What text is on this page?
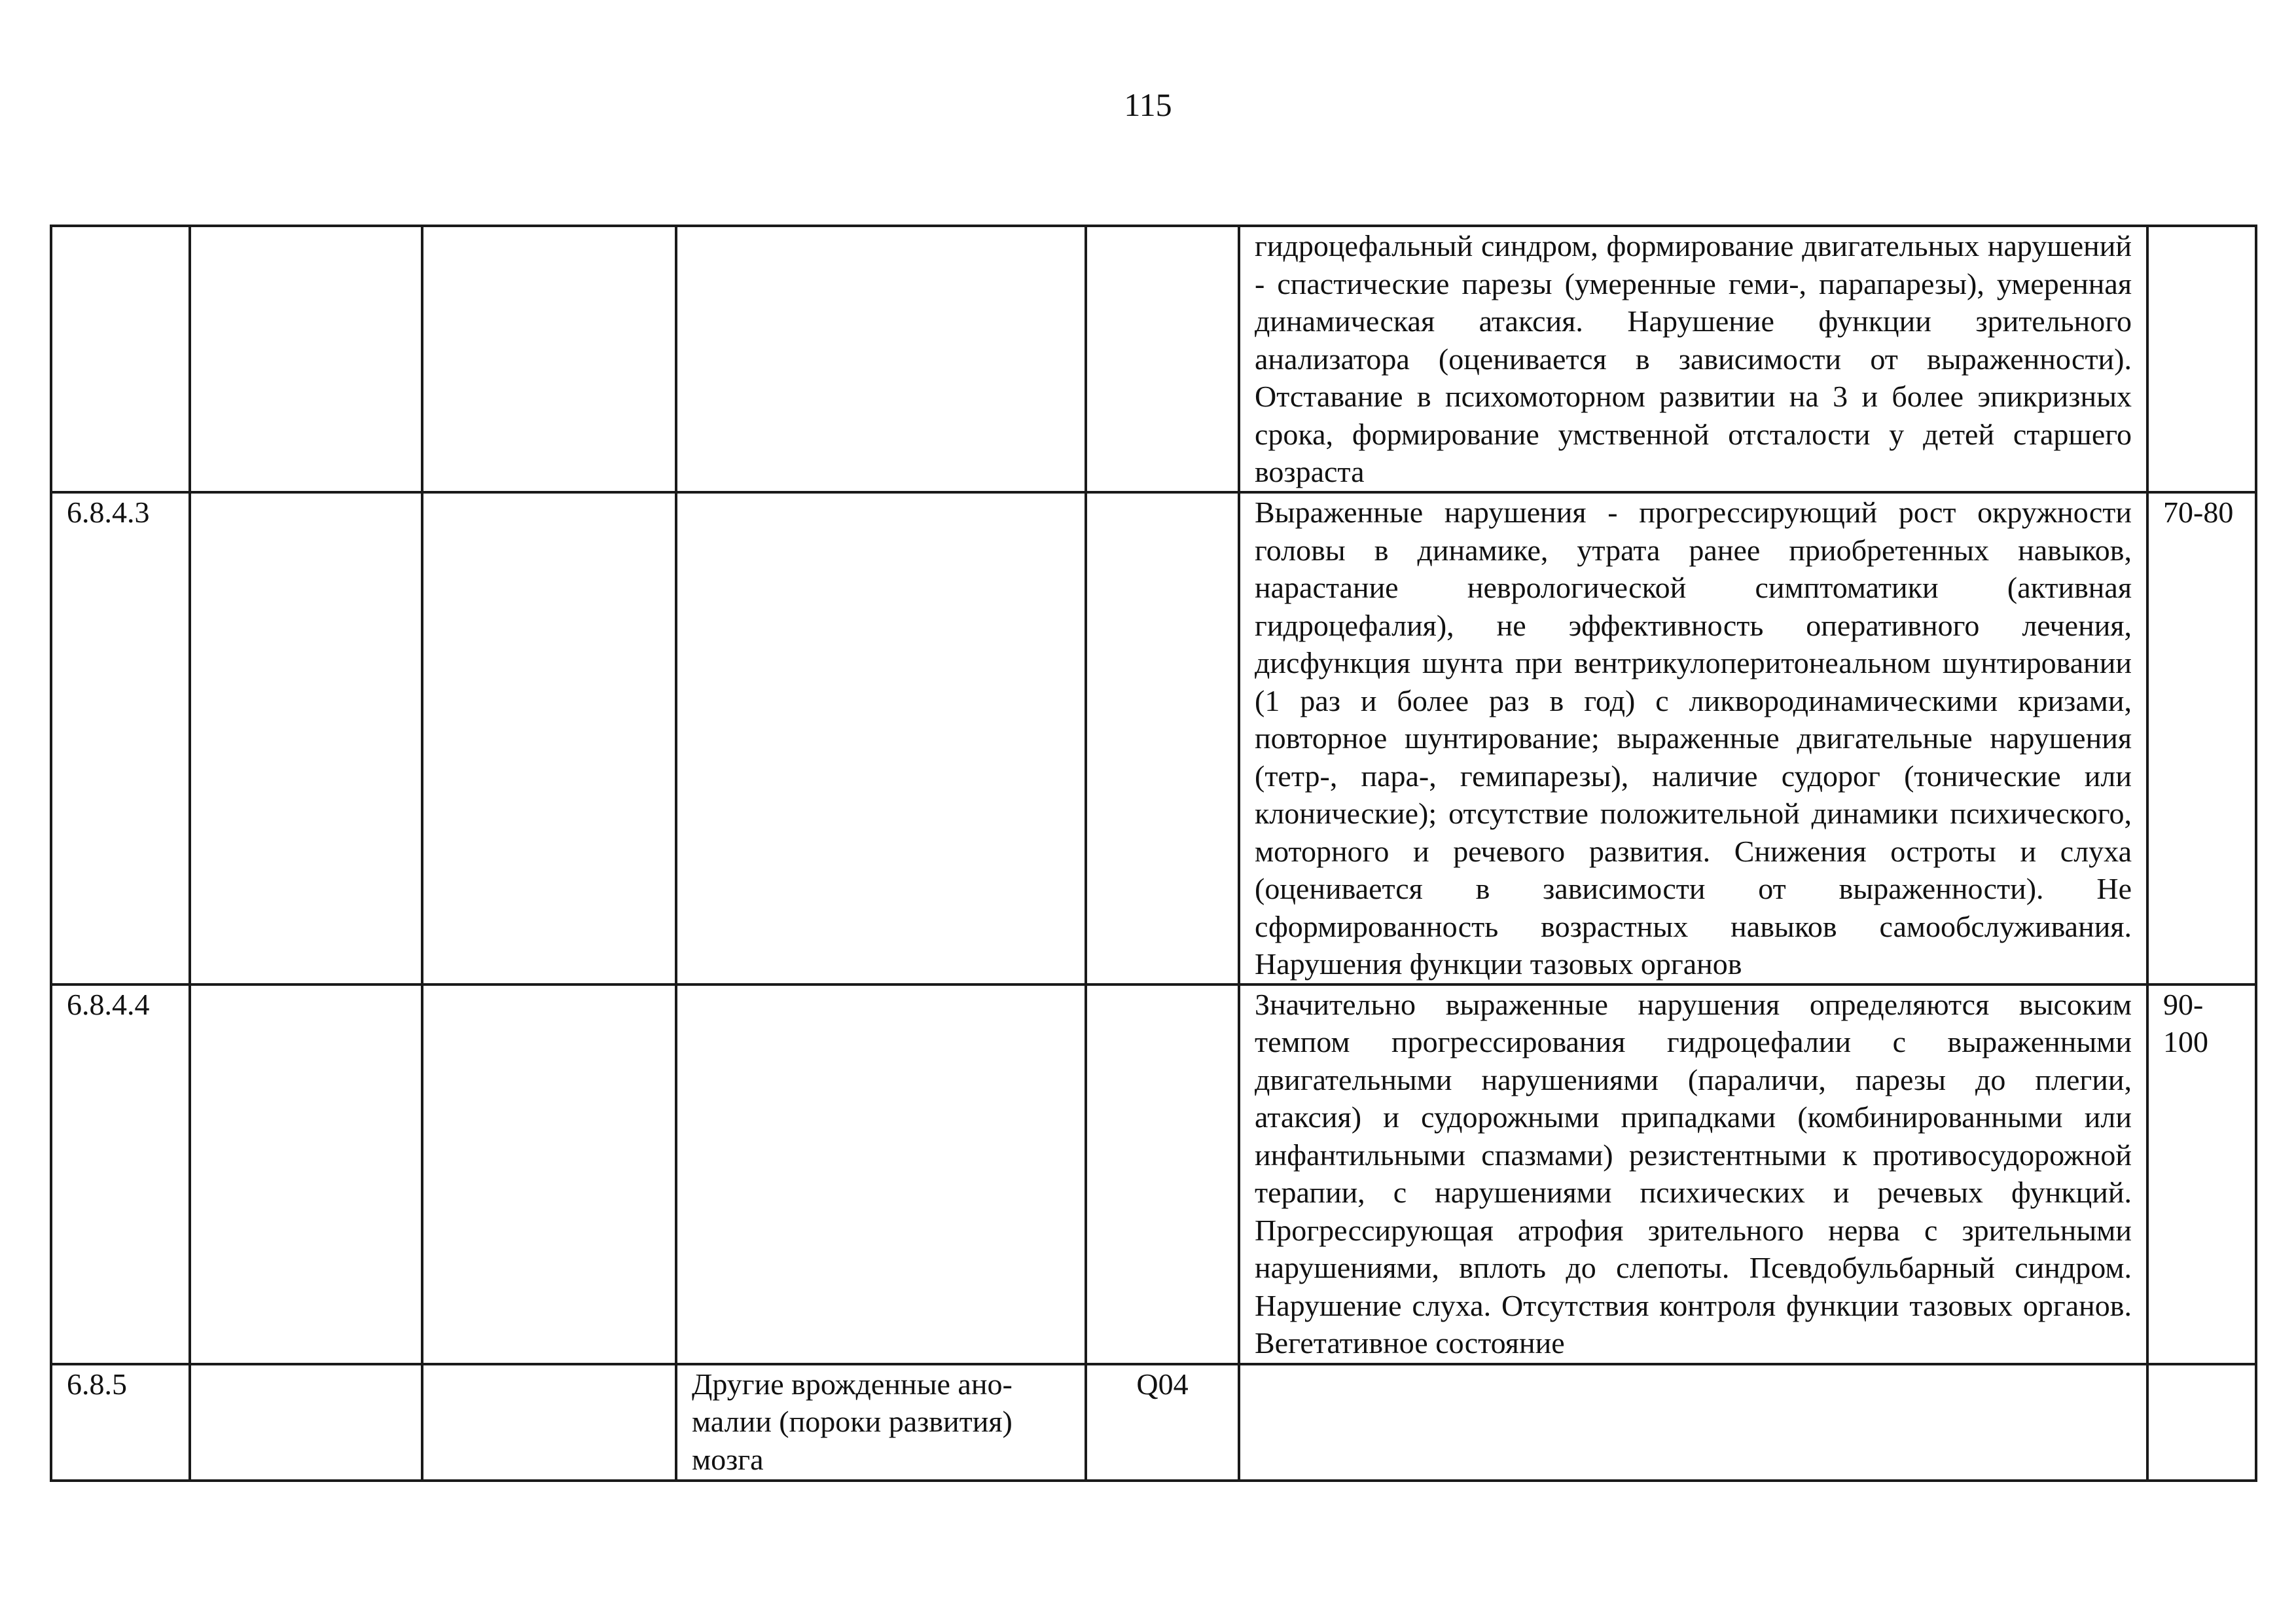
115
					гидроцефальный синдром, формирование двигательных нарушений - спастические парезы (умеренные геми-, парапарезы), умеренная динамическая атаксия. Нарушение функции зрительного анализатора (оценивается в зависимости от выраженности). Отставание в психомоторном развитии на 3 и более эпикризных срока, формирование умственной отсталости у детей старшего возраста	
6.8.4.3					Выраженные нарушения - прогрессирующий рост окружности головы в динамике, утрата ранее приобретенных навыков, нарастание неврологической симптоматики (активная гидроцефалия), не эффективность оперативного лечения, дисфункция шунта при вентрикулоперитонеальном шунтировании (1 раз и более раз в год) с ликвородинамическими кризами, повторное шунтирование; выраженные двигательные нарушения (тетр-, пара-, гемипарезы), наличие судорог (тонические или клонические); отсутствие положительной динамики психического, моторного и речевого развития. Снижения остроты и слуха (оценивается в зависимости от выраженности). Не сформированность возрастных навыков самообслуживания. Нарушения функции тазовых органов	70-80
6.8.4.4					Значительно выраженные нарушения определяются высоким темпом прогрессирования гидроцефалии с выраженными двигательными нарушениями (параличи, парезы до плегии, атаксия) и судорожными припадками (комбинированными или инфантильными спазмами) резистентными к противосудорожной терапии, с нарушениями психических и речевых функций. Прогрессирующая атрофия зрительного нерва с зрительными нарушениями, вплоть до слепоты. Псевдобульбарный синдром. Нарушение слуха. Отсутствия контроля функции тазовых органов. Вегетативное состояние	90-100
6.8.5			Другие врожденные аномалии (пороки развития) мозга	Q04		
